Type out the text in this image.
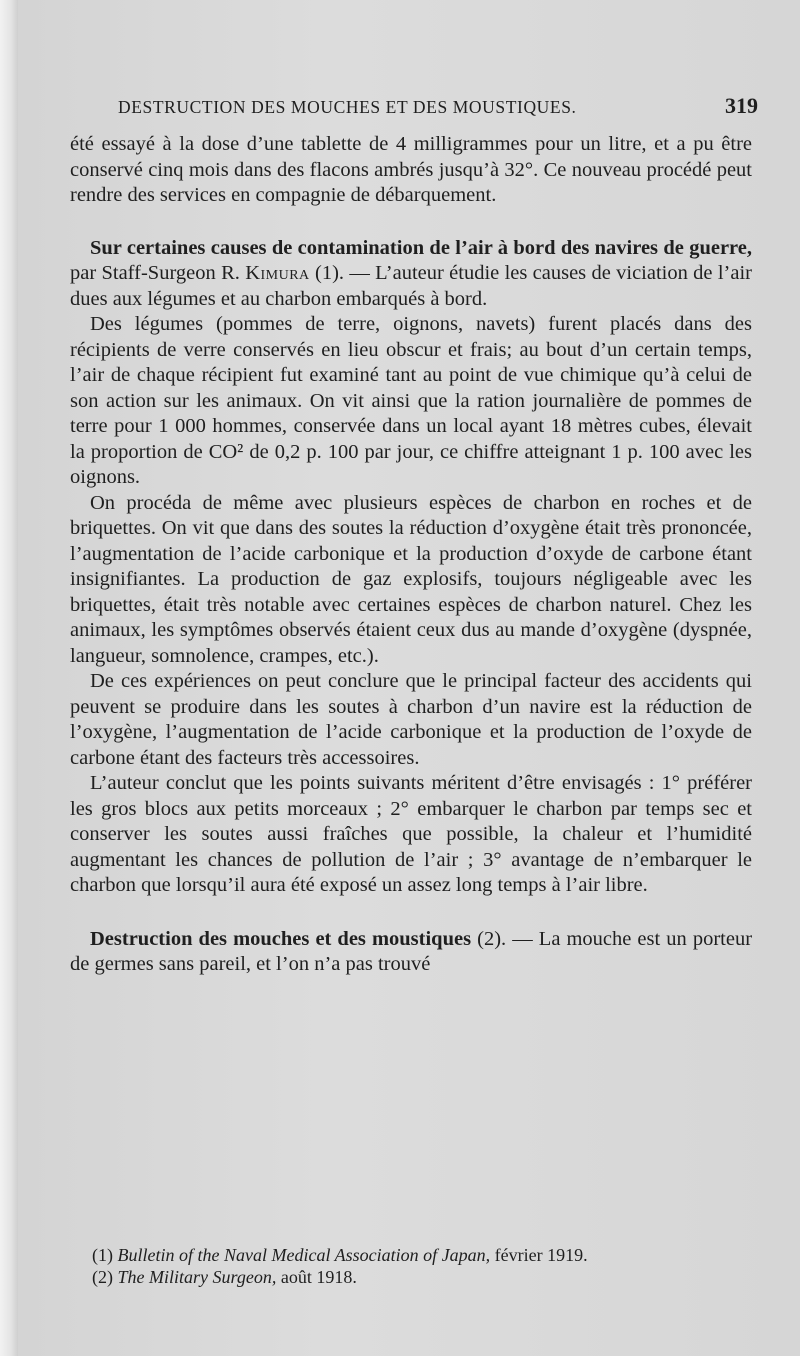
DESTRUCTION DES MOUCHES ET DES MOUSTIQUES.	319

été essayé à la dose d’une tablette de 4 milligrammes pour un litre, et a pu être conservé cinq mois dans des flacons ambrés jusqu’à 32°. Ce nouveau procédé peut rendre des services en compagnie de débarquement.

Sur certaines causes de contamination de l’air à bord des navires de guerre, par Staff-Surgeon R. Kimura (1). — L’auteur étudie les causes de viciation de l’air dues aux légumes et au charbon embarqués à bord.

Des légumes (pommes de terre, oignons, navets) furent placés dans des récipients de verre conservés en lieu obscur et frais; au bout d’un certain temps, l’air de chaque récipient fut examiné tant au point de vue chimique qu’à celui de son action sur les animaux. On vit ainsi que la ration journalière de pommes de terre pour 1 000 hommes, conservée dans un local ayant 18 mètres cubes, élevait la proportion de CO² de 0,2 p. 100 par jour, ce chiffre atteignant 1 p. 100 avec les oignons.

On procéda de même avec plusieurs espèces de charbon en roches et de briquettes. On vit que dans des soutes la réduction d’oxygène était très prononcée, l’augmentation de l’acide carbonique et la production d’oxyde de carbone étant insignifiantes. La production de gaz explosifs, toujours négligeable avec les briquettes, était très notable avec certaines espèces de charbon naturel. Chez les animaux, les symptômes observés étaient ceux dus au mande d’oxygène (dyspnée, langueur, somnolence, crampes, etc.).

De ces expériences on peut conclure que le principal facteur des accidents qui peuvent se produire dans les soutes à charbon d’un navire est la réduction de l’oxygène, l’augmentation de l’acide carbonique et la production de l’oxyde de carbone étant des facteurs très accessoires.

L’auteur conclut que les points suivants méritent d’être envisagés : 1° préférer les gros blocs aux petits morceaux ; 2° embarquer le charbon par temps sec et conserver les soutes aussi fraîches que possible, la chaleur et l’humidité augmentant les chances de pollution de l’air ; 3° avantage de n’embarquer le charbon que lorsqu’il aura été exposé un assez long temps à l’air libre.

Destruction des mouches et des moustiques (2). — La mouche est un porteur de germes sans pareil, et l’on n’a pas trouvé

(1) Bulletin of the Naval Medical Association of Japan, février 1919.

(2) The Military Surgeon, août 1918.
